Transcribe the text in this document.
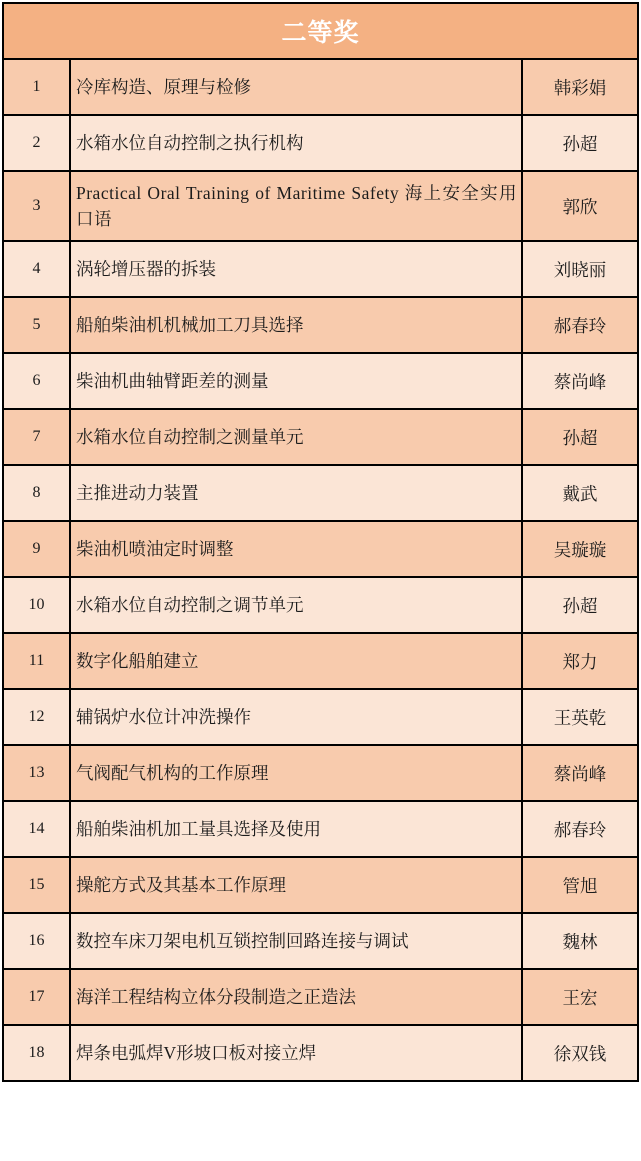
二等奖		
1	冷库构造、原理与检修	韩彩娟
2	水箱水位自动控制之执行机构	孙超
3	Practical Oral Training of Maritime Safety 海上安全实用口语	郭欣
4	涡轮增压器的拆装	刘晓丽
5	船舶柴油机机械加工刀具选择	郝春玲
6	柴油机曲轴臂距差的测量	蔡尚峰
7	水箱水位自动控制之测量单元	孙超
8	主推进动力装置	戴武
9	柴油机喷油定时调整	吴璇璇
10	水箱水位自动控制之调节单元	孙超
11	数字化船舶建立	郑力
12	辅锅炉水位计冲洗操作	王英乾
13	气阀配气机构的工作原理	蔡尚峰
14	船舶柴油机加工量具选择及使用	郝春玲
15	操舵方式及其基本工作原理	管旭
16	数控车床刀架电机互锁控制回路连接与调试	魏林
17	海洋工程结构立体分段制造之正造法	王宏
18	焊条电弧焊V形坡口板对接立焊	徐双钱
